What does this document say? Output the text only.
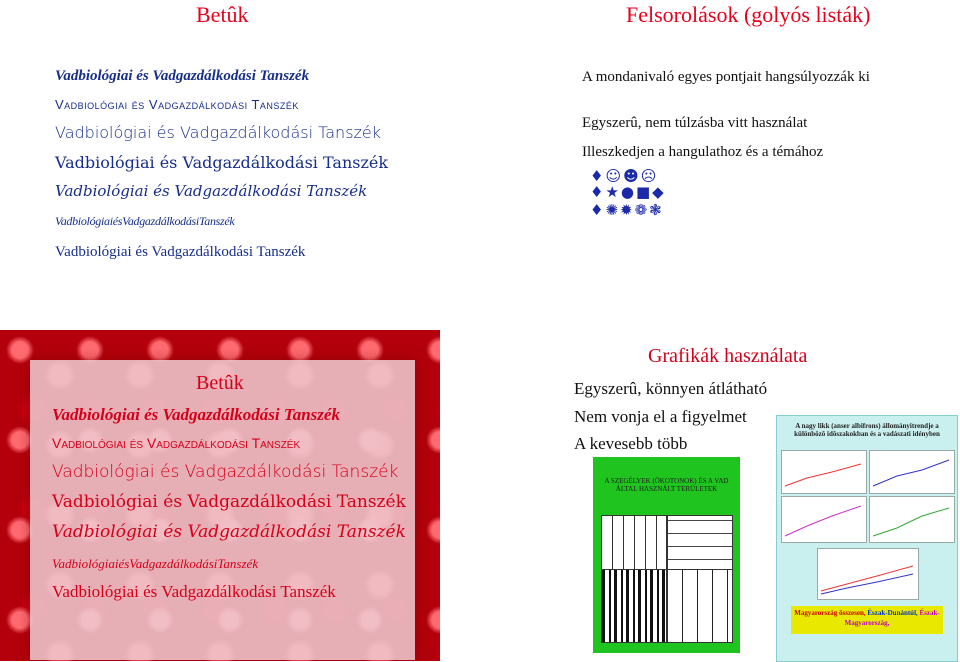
Betûk
Vadbiológiai és Vadgazdálkodási Tanszék
Vadbiológiai és Vadgazdálkodási Tanszék
Vadbiológiai és Vadgazdálkodási Tanszék
Vadbiológiai és Vadgazdálkodási Tanszék
Vadbiológiai és Vadgazdálkodási Tanszék
VadbiológiaiésVadgazdálkodásiTanszék
Vadbiológiai és Vadgazdálkodási Tanszék
Felsorolások (golyós listák)
A mondanivaló egyes pontjait hangsúlyozzák ki
Egyszerû, nem túlzásba vitt használat
Illeszkedjen a hangulathoz és a témához
♦☺☻☹
♦★●■◆
♦✺✹❁❃
Betûk
Vadbiológiai és Vadgazdálkodási Tanszék
Vadbiológiai és Vadgazdálkodási Tanszék
Vadbiológiai és Vadgazdálkodási Tanszék
Vadbiológiai és Vadgazdálkodási Tanszék
Vadbiológiai és Vadgazdálkodási Tanszék
VadbiológiaiésVadgazdálkodásiTanszék
Vadbiológiai és Vadgazdálkodási Tanszék
Grafikák használata
Egyszerû, könnyen átlátható
Nem vonja el a figyelmet
A kevesebb több
A SZEGÉLYEK (ÖKOTONOK) ÉS A VAD ÁLTAL HASZNÁLT TERÜLETEK
A nagy likk (anser albifrons) állományitrendje a különbözõ idõszakokban és a vadászati idényben
Magyarország összesen, Észak-Dunántúl, Észak-Magyarország,
